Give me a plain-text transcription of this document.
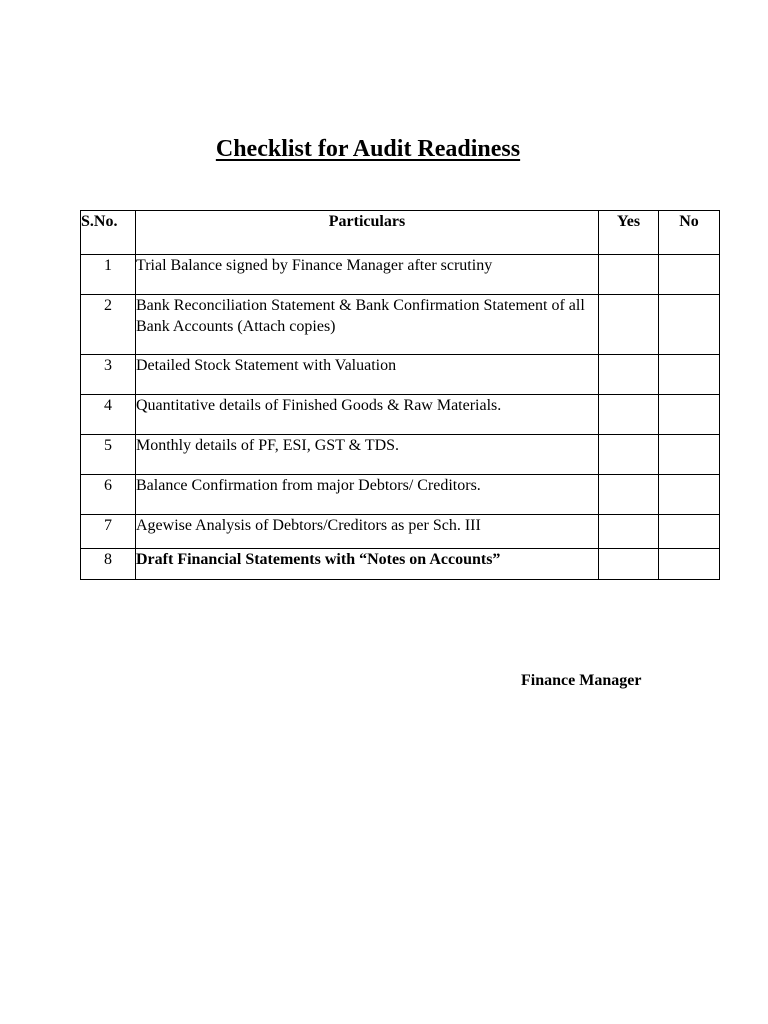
Checklist for Audit Readiness
S.No.	Particulars	Yes	No
1	Trial Balance signed by Finance Manager after scrutiny		
2	Bank Reconciliation Statement & Bank Confirmation Statement of all Bank Accounts (Attach copies)		
3	Detailed Stock Statement with Valuation		
4	Quantitative details of Finished Goods & Raw Materials.		
5	Monthly details of PF, ESI, GST & TDS.		
6	Balance Confirmation from major Debtors/ Creditors.		
7	Agewise Analysis of Debtors/Creditors as per Sch. III		
8	Draft Financial Statements with “Notes on Accounts”		
Finance Manager
